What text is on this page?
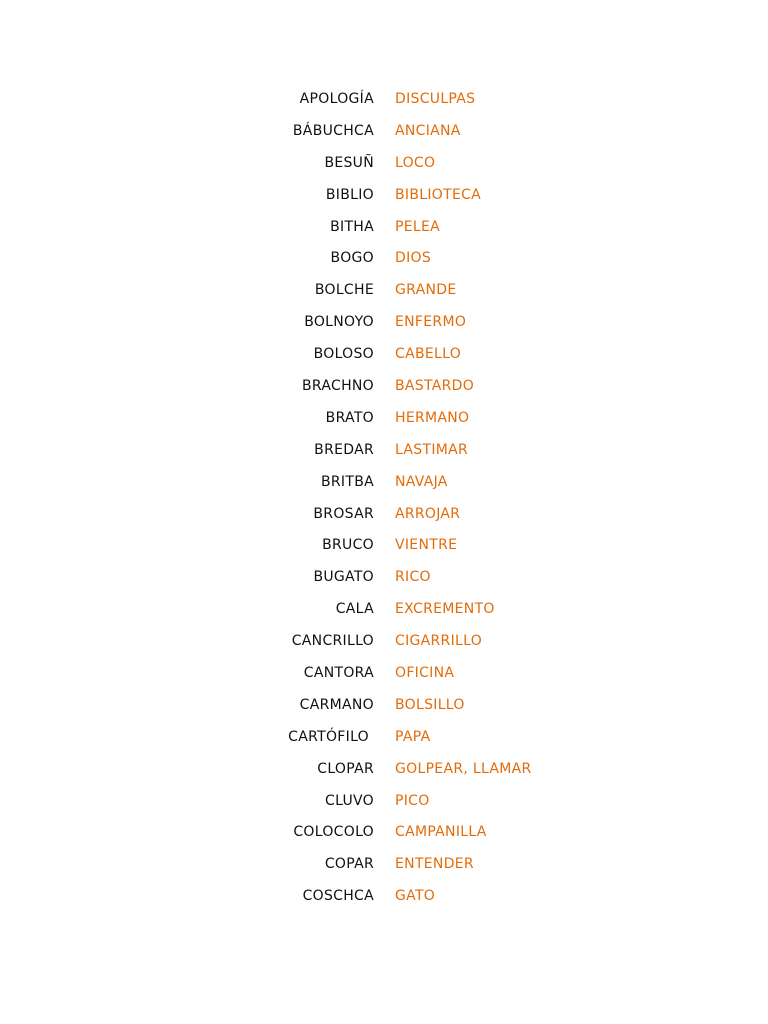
APOLOGÍA DISCULPAS
BÁBUCHCA ANCIANA
BESUÑ LOCO
BIBLIO BIBLIOTECA
BITHA PELEA
BOGO DIOS
BOLCHE GRANDE
BOLNOYO ENFERMO
BOLOSO CABELLO
BRACHNO BASTARDO
BRATO HERMANO
BREDAR LASTIMAR
BRITBA NAVAJA
BROSAR ARROJAR
BRUCO VIENTRE
BUGATO RICO
CALA EXCREMENTO
CANCRILLO CIGARRILLO
CANTORA OFICINA
CARMANO BOLSILLO
CARTÓFILO PAPA
CLOPAR GOLPEAR, LLAMAR
CLUVO PICO
COLOCOLO CAMPANILLA
COPAR ENTENDER
COSCHCA GATO
